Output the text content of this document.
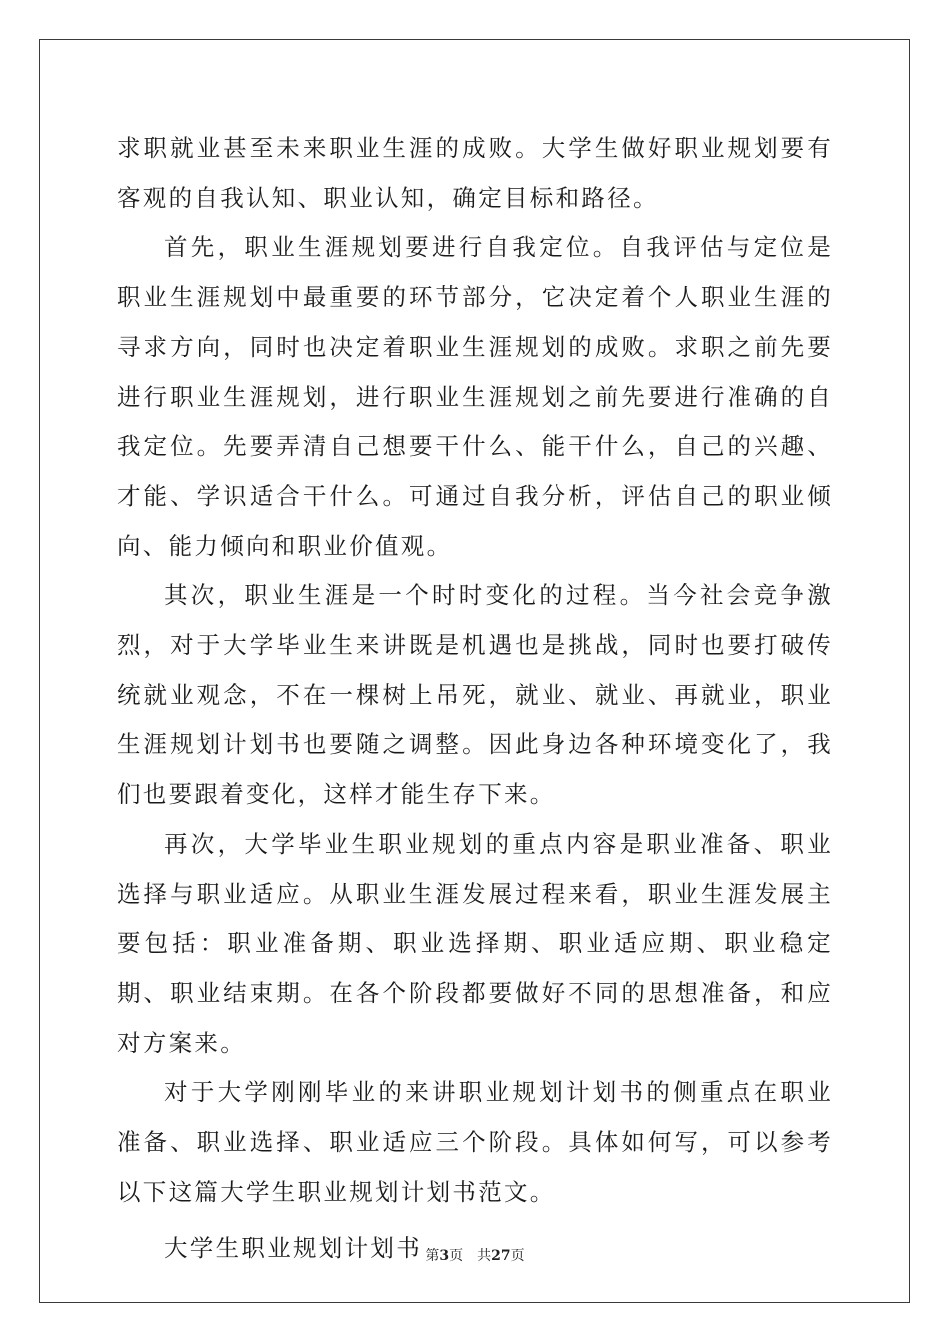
求职就业甚至未来职业生涯的成败。大学生做好职业规划要有客观的自我认知、职业认知，确定目标和路径。

首先，职业生涯规划要进行自我定位。自我评估与定位是职业生涯规划中最重要的环节部分，它决定着个人职业生涯的寻求方向，同时也决定着职业生涯规划的成败。求职之前先要进行职业生涯规划，进行职业生涯规划之前先要进行准确的自我定位。先要弄清自己想要干什么、能干什么，自己的兴趣、才能、学识适合干什么。可通过自我分析，评估自己的职业倾向、能力倾向和职业价值观。

其次，职业生涯是一个时时变化的过程。当今社会竞争激烈，对于大学毕业生来讲既是机遇也是挑战，同时也要打破传统就业观念，不在一棵树上吊死，就业、就业、再就业，职业生涯规划计划书也要随之调整。因此身边各种环境变化了，我们也要跟着变化，这样才能生存下来。

再次，大学毕业生职业规划的重点内容是职业准备、职业选择与职业适应。从职业生涯发展过程来看，职业生涯发展主要包括：职业准备期、职业选择期、职业适应期、职业稳定期、职业结束期。在各个阶段都要做好不同的思想准备，和应对方案来。

对于大学刚刚毕业的来讲职业规划计划书的侧重点在职业准备、职业选择、职业适应三个阶段。具体如何写，可以参考以下这篇大学生职业规划计划书范文。

大学生职业规划计划书 第3页 共27页
